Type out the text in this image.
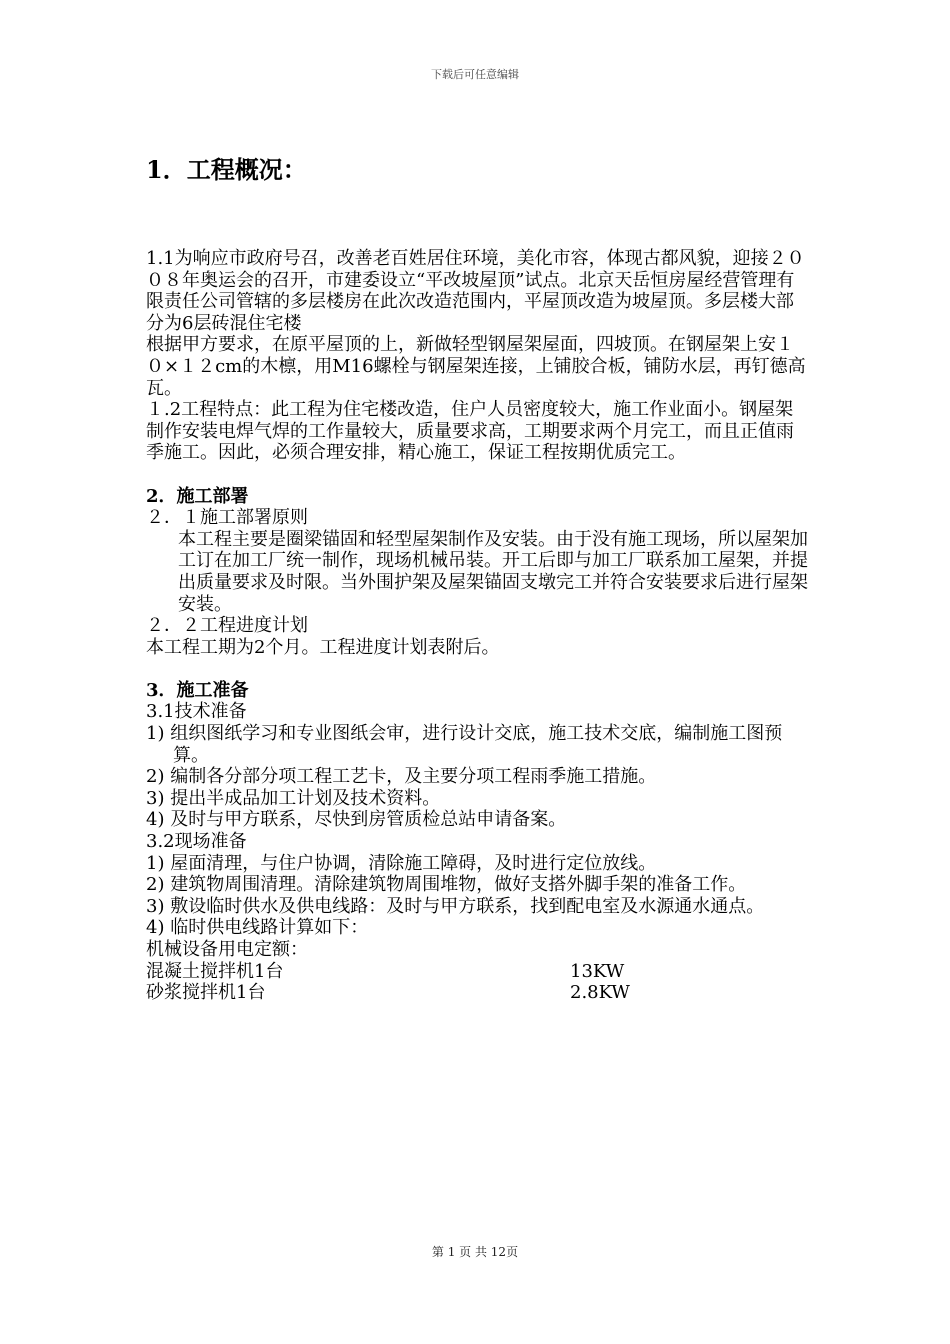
下载后可任意编辑
1．工程概况：

1.1为响应市政府号召，改善老百姓居住环境，美化市容，体现古都风貌，迎接２００８年奥运会的召开，市建委设立“平改坡屋顶”试点。北京天岳恒房屋经营管理有限责任公司管辖的多层楼房在此次改造范围内，平屋顶改造为坡屋顶。多层楼大部分为6层砖混住宅楼

根据甲方要求，在原平屋顶的上，新做轻型钢屋架屋面，四坡顶。在钢屋架上安１０×１２cm的木檩，用M16螺栓与钢屋架连接，上铺胶合板，铺防水层，再钉德高瓦。

１.2工程特点：此工程为住宅楼改造，住户人员密度较大，施工作业面小。钢屋架制作安装电焊气焊的工作量较大，质量要求高，工期要求两个月完工，而且正值雨季施工。因此，必须合理安排，精心施工，保证工程按期优质完工。

2．施工部署

２．１施工部署原则

本工程主要是圈梁锚固和轻型屋架制作及安装。由于没有施工现场，所以屋架加工订在加工厂统一制作，现场机械吊装。开工后即与加工厂联系加工屋架，并提出质量要求及时限。当外围护架及屋架锚固支墩完工并符合安装要求后进行屋架安装。

２．２工程进度计划

本工程工期为2个月。工程进度计划表附后。

3．施工准备

3.1技术准备

1) 组织图纸学习和专业图纸会审，进行设计交底，施工技术交底，编制施工图预算。

2) 编制各分部分项工程工艺卡，及主要分项工程雨季施工措施。

3) 提出半成品加工计划及技术资料。

4) 及时与甲方联系，尽快到房管质检总站申请备案。

3.2现场准备

1) 屋面清理，与住户协调，清除施工障碍，及时进行定位放线。

2) 建筑物周围清理。清除建筑物周围堆物，做好支搭外脚手架的准备工作。

3) 敷设临时供水及供电线路：及时与甲方联系，找到配电室及水源通水通点。

4) 临时供电线路计算如下：

机械设备用电定额：

混凝土搅拌机1台	13KW
砂浆搅拌机1台	2.8KW
第 1 页 共 12页
